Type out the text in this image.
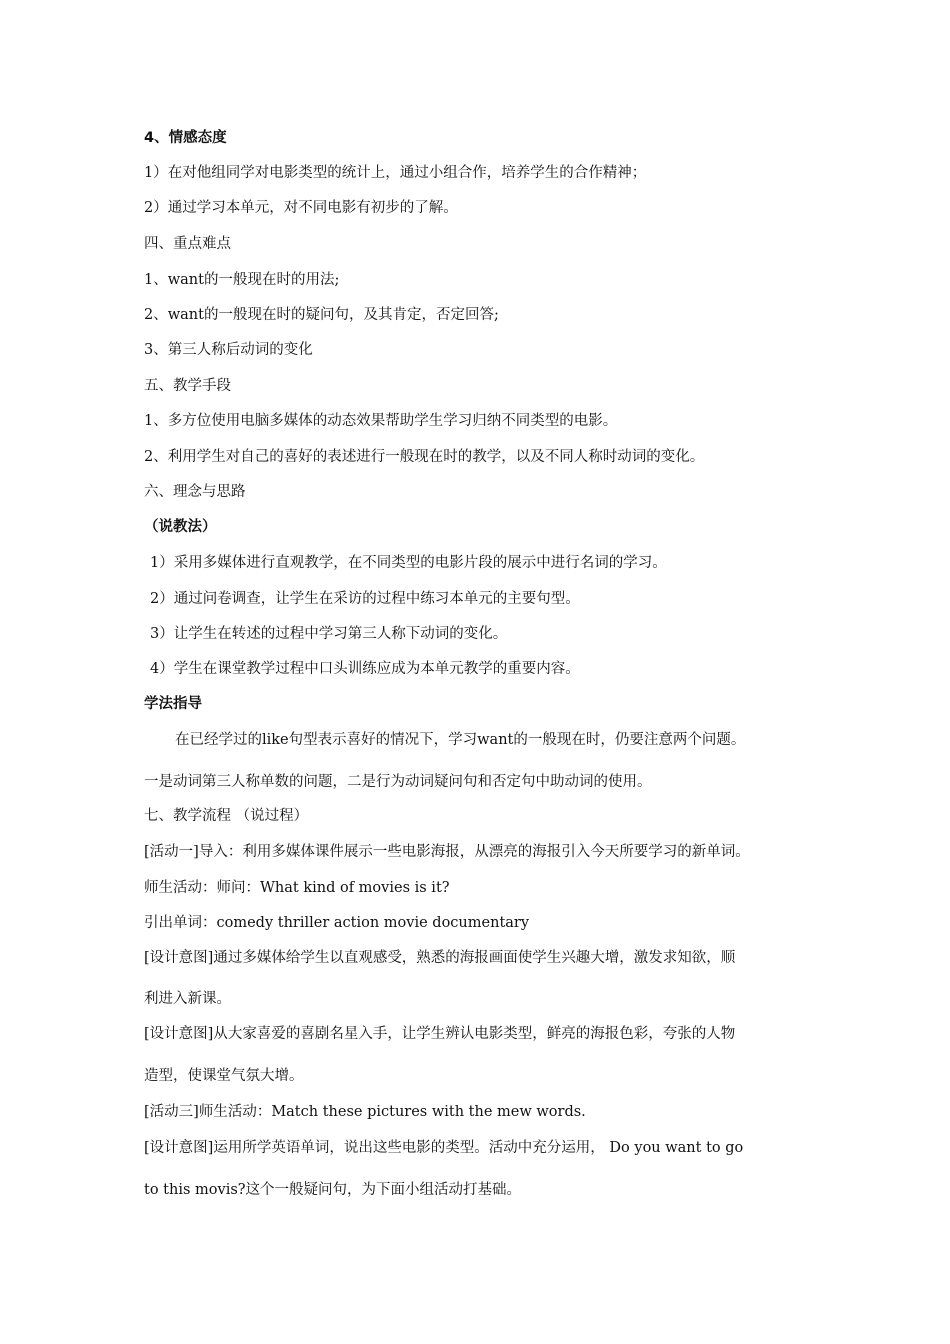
4、情感态度

1）在对他组同学对电影类型的统计上，通过小组合作，培养学生的合作精神；

2）通过学习本单元，对不同电影有初步的了解。

四、重点难点

1、want的一般现在时的用法;

2、want的一般现在时的疑问句，及其肯定，否定回答;

3、第三人称后动词的变化

五、教学手段

1、多方位使用电脑多媒体的动态效果帮助学生学习归纳不同类型的电影。

2、利用学生对自己的喜好的表述进行一般现在时的教学，以及不同人称时动词的变化。

六、理念与思路

（说教法）

1）采用多媒体进行直观教学，在不同类型的电影片段的展示中进行名词的学习。

2）通过问卷调查，让学生在采访的过程中练习本单元的主要句型。

3）让学生在转述的过程中学习第三人称下动词的变化。

4）学生在课堂教学过程中口头训练应成为本单元教学的重要内容。

学法指导

在已经学过的like句型表示喜好的情况下，学习want的一般现在时，仍要注意两个问题。

一是动词第三人称单数的问题，二是行为动词疑问句和否定句中助动词的使用。

七、教学流程 （说过程）

[活动一]导入：利用多媒体课件展示一些电影海报，从漂亮的海报引入今天所要学习的新单词。

师生活动：师问：What kind of movies is it?

引出单词：comedy thriller action movie documentary

[设计意图]通过多媒体给学生以直观感受，熟悉的海报画面使学生兴趣大增，激发求知欲，顺

利进入新课。

[设计意图]从大家喜爱的喜剧名星入手，让学生辨认电影类型，鲜亮的海报色彩，夸张的人物

造型，使课堂气氛大增。

[活动三]师生活动：Match these pictures with the mew words.

[设计意图]运用所学英语单词，说出这些电影的类型。活动中充分运用， Do you want to go

to this movis?这个一般疑问句，为下面小组活动打基础。
